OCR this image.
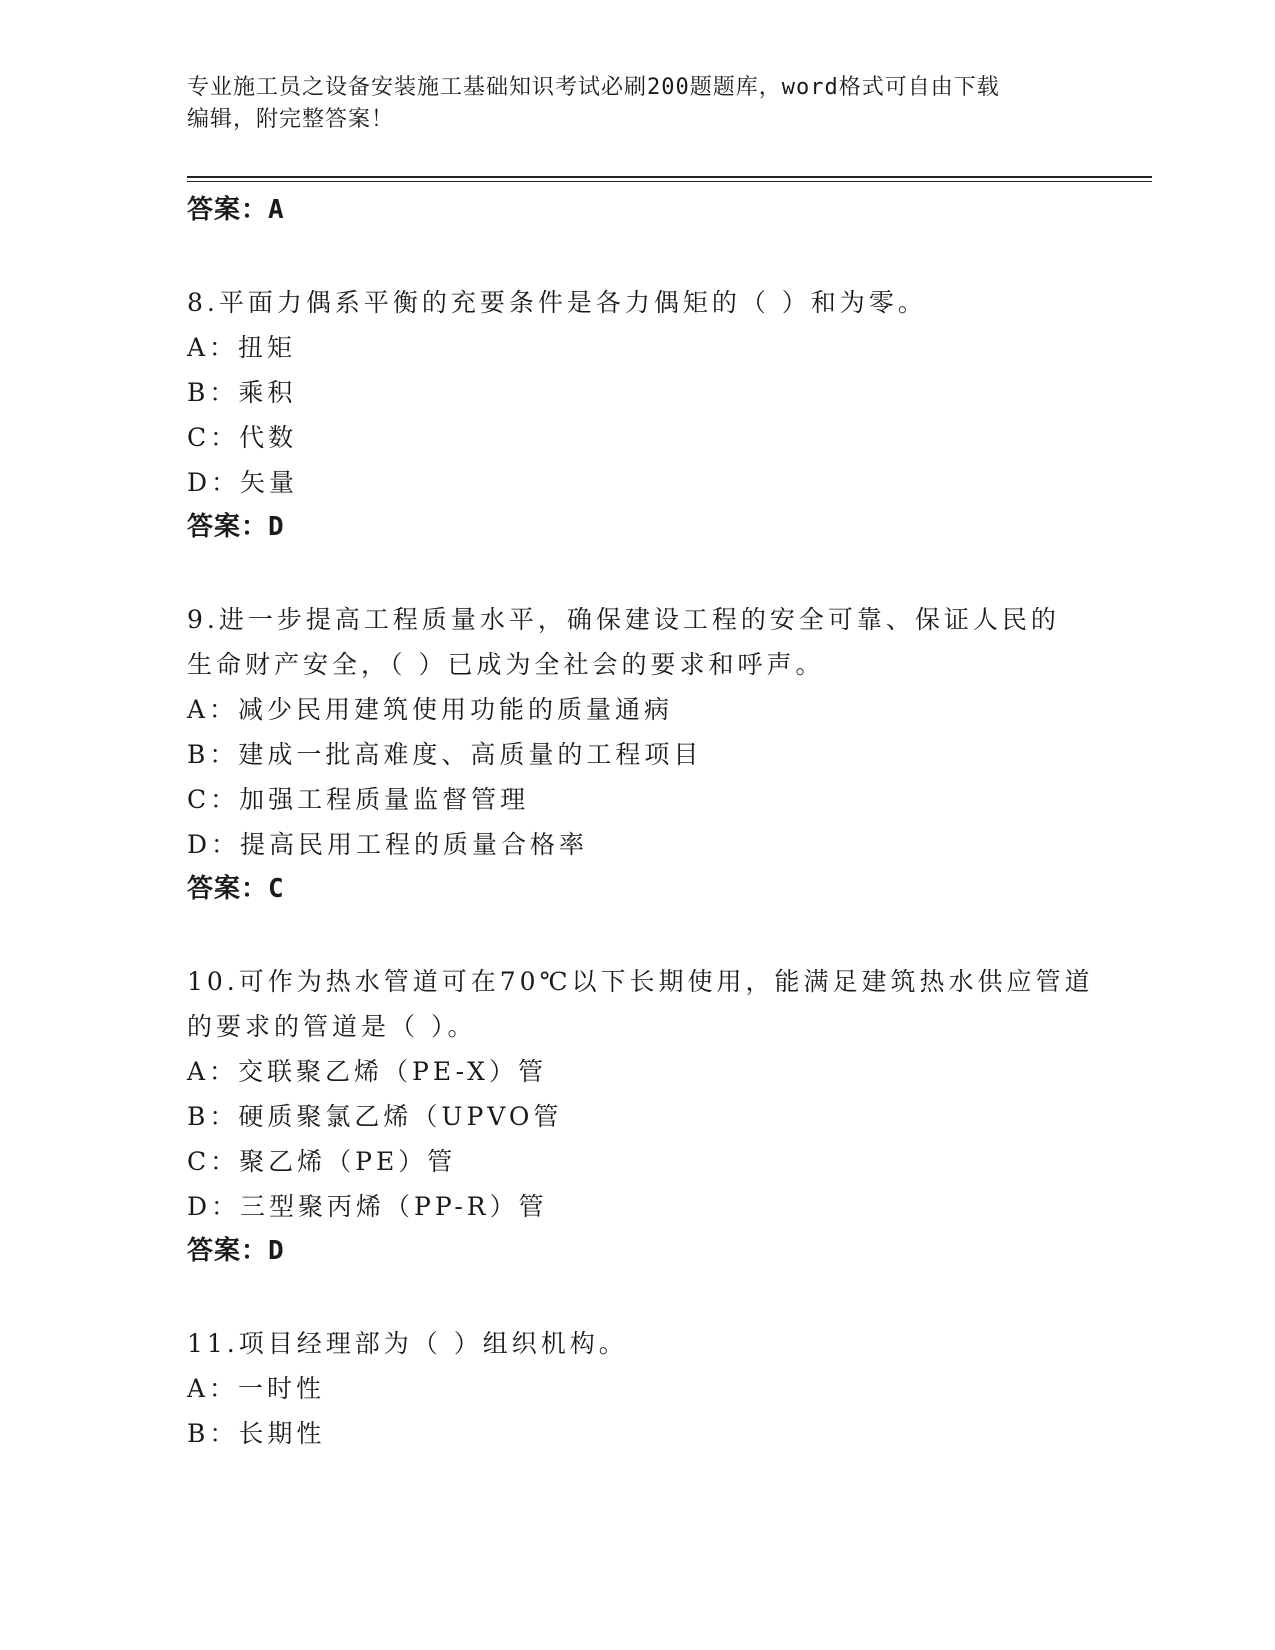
专业施工员之设备安装施工基础知识考试必刷200题题库，word格式可自由下载
编辑，附完整答案！
答案：A
8.平面力偶系平衡的充要条件是各力偶矩的（ ）和为零。
A：扭矩
B：乘积
C：代数
D：矢量
答案：D
9.进一步提高工程质量水平，确保建设工程的安全可靠、保证人民的
生命财产安全，（ ）已成为全社会的要求和呼声。
A：减少民用建筑使用功能的质量通病
B：建成一批高难度、高质量的工程项目
C：加强工程质量监督管理
D：提高民用工程的质量合格率
答案：C
10.可作为热水管道可在70℃以下长期使用，能满足建筑热水供应管道
的要求的管道是（ ）。
A：交联聚乙烯（PE-X）管
B：硬质聚氯乙烯（UPVO管
C：聚乙烯（PE）管
D：三型聚丙烯（PP-R）管
答案：D
11.项目经理部为（ ）组织机构。
A：一时性
B：长期性
